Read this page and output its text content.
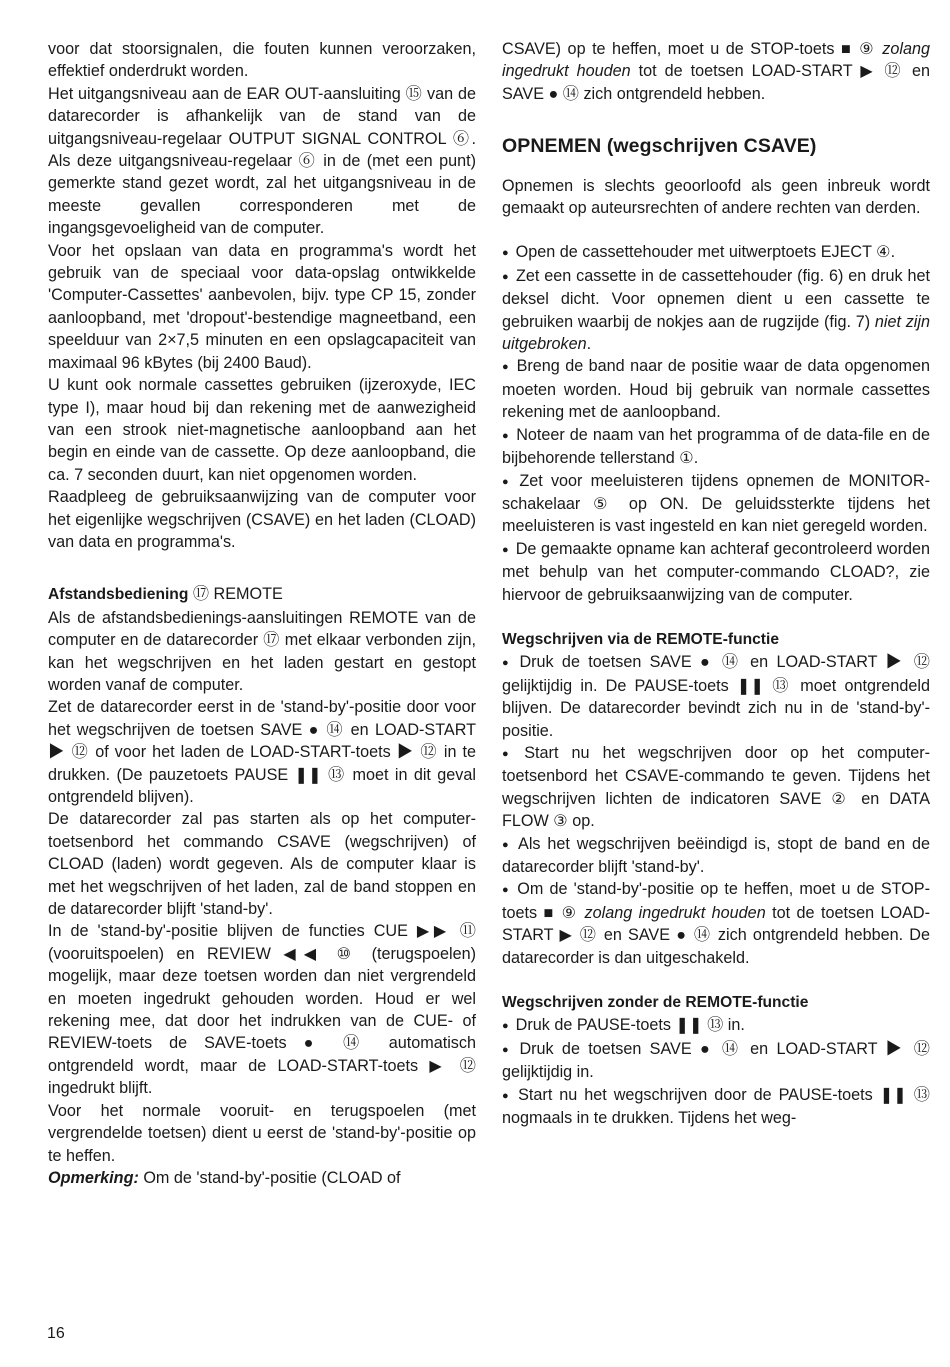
voor dat stoorsignalen, die fouten kunnen veroorzaken, effektief onderdrukt worden.
Het uitgangsniveau aan de EAR OUT-aansluiting ⑮ van de datarecorder is afhankelijk van de stand van de uitgangsniveau-regelaar OUTPUT SIGNAL CONTROL ⑥. Als deze uitgangsniveau-regelaar ⑥ in de (met een punt) gemerkte stand gezet wordt, zal het uitgangsniveau in de meeste gevallen corresponderen met de ingangsgevoeligheid van de computer.
Voor het opslaan van data en programma's wordt het gebruik van de speciaal voor data-opslag ontwikkelde 'Computer-Cassettes' aanbevolen, bijv. type CP 15, zonder aanloopband, met 'dropout'-bestendige magneetband, een speelduur van 2×7,5 minuten en een opslagcapaciteit van maximaal 96 kBytes (bij 2400 Baud).
U kunt ook normale cassettes gebruiken (ijzeroxyde, IEC type I), maar houd bij dan rekening met de aanwezigheid van een strook niet-magnetische aanloopband aan het begin en einde van de cassette. Op deze aanloopband, die ca. 7 seconden duurt, kan niet opgenomen worden.
Raadpleeg de gebruiksaanwijzing van de computer voor het eigenlijke wegschrijven (CSAVE) en het laden (CLOAD) van data en programma's.
Afstandsbediening ⑰ REMOTE
Als de afstandsbedienings-aansluitingen REMOTE van de computer en de datarecorder ⑰ met elkaar verbonden zijn, kan het wegschrijven en het laden gestart en gestopt worden vanaf de computer.
Zet de datarecorder eerst in de 'stand-by'-positie door voor het wegschrijven de toetsen SAVE ● ⑭ en LOAD-START ▶ ⑫ of voor het laden de LOAD-START-toets ▶ ⑫ in te drukken. (De pauzetoets PAUSE ❚❚ ⑬ moet in dit geval ontgrendeld blijven).
De datarecorder zal pas starten als op het computer-toetsenbord het commando CSAVE (wegschrijven) of CLOAD (laden) wordt gegeven. Als de computer klaar is met het wegschrijven of het laden, zal de band stoppen en de datarecorder blijft 'stand-by'.
In de 'stand-by'-positie blijven de functies CUE ▶▶ ⑪ (vooruitspoelen) en REVIEW ◀◀ ⑩ (terugspoelen) mogelijk, maar deze toetsen worden dan niet vergrendeld en moeten ingedrukt gehouden worden. Houd er wel rekening mee, dat door het indrukken van de CUE- of REVIEW-toets de SAVE-toets ● ⑭ automatisch ontgrendeld wordt, maar de LOAD-START-toets ▶ ⑫ ingedrukt blijft.
Voor het normale vooruit- en terugspoelen (met vergrendelde toetsen) dient u eerst de 'stand-by'-positie op te heffen.
Opmerking: Om de 'stand-by'-positie (CLOAD of
CSAVE) op te heffen, moet u de STOP-toets ■ ⑨ zolang ingedrukt houden tot de toetsen LOAD-START ▶ ⑫ en SAVE ● ⑭ zich ontgrendeld hebben.
OPNEMEN (wegschrijven CSAVE)
Opnemen is slechts geoorloofd als geen inbreuk wordt gemaakt op auteursrechten of andere rechten van derden.
● Open de cassettehouder met uitwerptoets EJECT ④.
● Zet een cassette in de cassettehouder (fig. 6) en druk het deksel dicht. Voor opnemen dient u een cassette te gebruiken waarbij de nokjes aan de rugzijde (fig. 7) niet zijn uitgebroken.
● Breng de band naar de positie waar de data opgenomen moeten worden. Houd bij gebruik van normale cassettes rekening met de aanloopband.
● Noteer de naam van het programma of de data-file en de bijbehorende tellerstand ①.
● Zet voor meeluisteren tijdens opnemen de MONITOR-schakelaar ⑤ op ON. De geluidssterkte tijdens het meeluisteren is vast ingesteld en kan niet geregeld worden.
● De gemaakte opname kan achteraf gecontroleerd worden met behulp van het computer-commando CLOAD?, zie hiervoor de gebruiksaanwijzing van de computer.
Wegschrijven via de REMOTE-functie
● Druk de toetsen SAVE ● ⑭ en LOAD-START ▶ ⑫ gelijktijdig in. De PAUSE-toets ❚❚ ⑬ moet ontgrendeld blijven. De datarecorder bevindt zich nu in de 'stand-by'-positie.
● Start nu het wegschrijven door op het computer-toetsenbord het CSAVE-commando te geven. Tijdens het wegschrijven lichten de indicatoren SAVE ② en DATA FLOW ③ op.
● Als het wegschrijven beëindigd is, stopt de band en de datarecorder blijft 'stand-by'.
● Om de 'stand-by'-positie op te heffen, moet u de STOP-toets ■ ⑨ zolang ingedrukt houden tot de toetsen LOAD-START ▶ ⑫ en SAVE ● ⑭ zich ontgrendeld hebben. De datarecorder is dan uitgeschakeld.
Wegschrijven zonder de REMOTE-functie
● Druk de PAUSE-toets ❚❚ ⑬ in.
● Druk de toetsen SAVE ● ⑭ en LOAD-START ▶ ⑫ gelijktijdig in.
● Start nu het wegschrijven door de PAUSE-toets ❚❚ ⑬ nogmaals in te drukken. Tijdens het weg-
16
